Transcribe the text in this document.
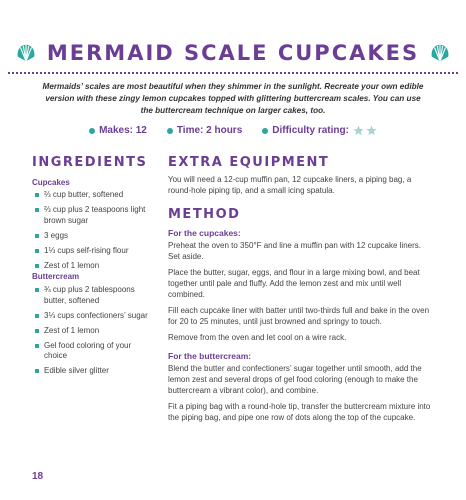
MERMAID SCALE CUPCAKES
Mermaids’ scales are most beautiful when they shimmer in the sunlight. Recreate your own edible version with these zingy lemon cupcakes topped with glittering buttercream scales. You can use the buttercream technique on larger cakes, too.
Makes: 12	Time: 2 hours	Difficulty rating:
INGREDIENTS
Cupcakes
⅔ cup butter, softened
⅔ cup plus 2 teaspoons light brown sugar
3 eggs
1⅓ cups self-rising flour
Zest of 1 lemon
Buttercream
¾ cup plus 2 tablespoons butter, softened
3⅓ cups confectioners’ sugar
Zest of 1 lemon
Gel food coloring of your choice
Edible silver glitter
EXTRA EQUIPMENT

You will need a 12-cup muffin pan, 12 cupcake liners, a piping bag, a round-hole piping tip, and a small icing spatula.

METHOD
For the cupcakes:

Preheat the oven to 350°F and line a muffin pan with 12 cupcake liners. Set aside.

Place the butter, sugar, eggs, and flour in a large mixing bowl, and beat together until pale and fluffy. Add the lemon zest and mix until well combined.

Fill each cupcake liner with batter until two-thirds full and bake in the oven for 20 to 25 minutes, until just browned and springy to touch.

Remove from the oven and let cool on a wire rack.

For the buttercream:

Blend the butter and confectioners’ sugar together until smooth, add the lemon zest and several drops of gel food coloring (enough to make the buttercream a vibrant color), and combine.

Fit a piping bag with a round-hole tip, transfer the buttercream mixture into the piping bag, and pipe one row of dots along the top of the cupcake.

18
